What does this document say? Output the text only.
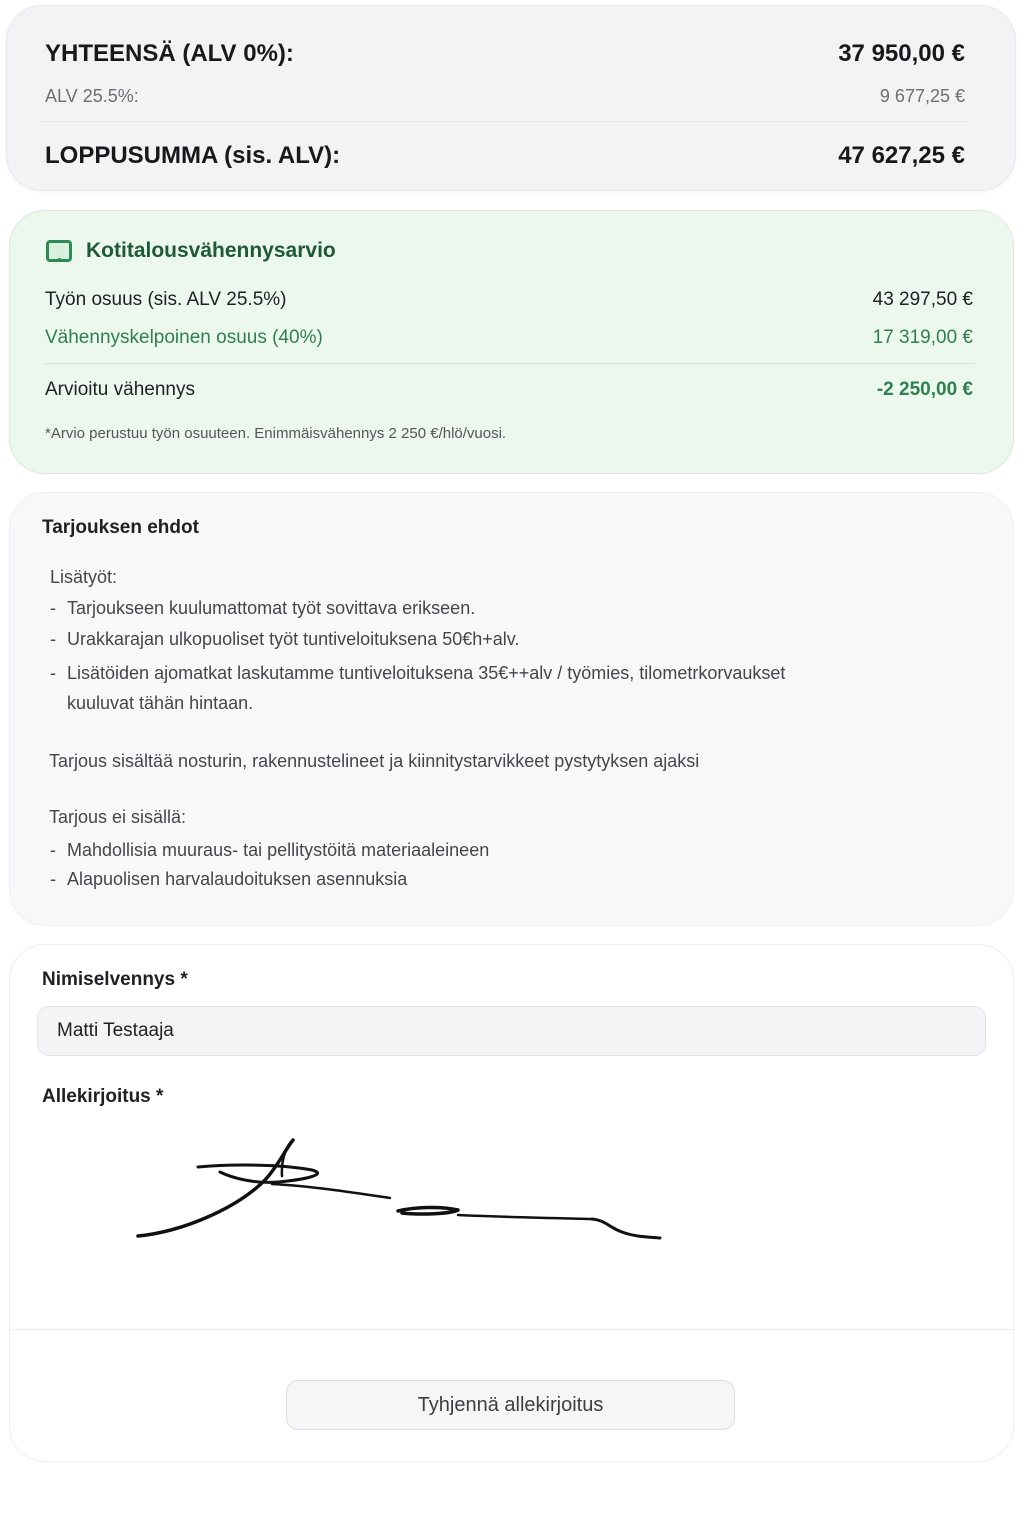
YHTEENSÄ (ALV 0%):	37 950,00 €
ALV 25.5%:	9 677,25 €
LOPPUSUMMA (sis. ALV):	47 627,25 €
Kotitalousvähennysarvio
Työn osuus (sis. ALV 25.5%)	43 297,50 €
Vähennyskelpoinen osuus (40%)	17 319,00 €
Arvioitu vähennys	-2 250,00 €
*Arvio perustuu työn osuuteen. Enimmäisvähennys 2 250 €/hlö/vuosi.
Tarjouksen ehdot
Lisätyöt:
- Tarjoukseen kuulumattomat työt sovittava erikseen.
- Urakkarajan ulkopuoliset työt tuntiveloituksena 50€h+alv.
- Lisätöiden ajomatkat laskutamme tuntiveloituksena 35€++alv / työmies, tilometrkorvaukset
kuuluvat tähän hintaan.
Tarjous sisältää nosturin, rakennustelineet ja kiinnitystarvikkeet pystytyksen ajaksi
Tarjous ei sisällä:
- Mahdollisia muuraus- tai pellitystöitä materiaaleineen
- Alapuolisen harvalaudoituksen asennuksia
Nimiselvennys *
Matti Testaaja
Allekirjoitus *
Tyhjennä allekirjoitus
